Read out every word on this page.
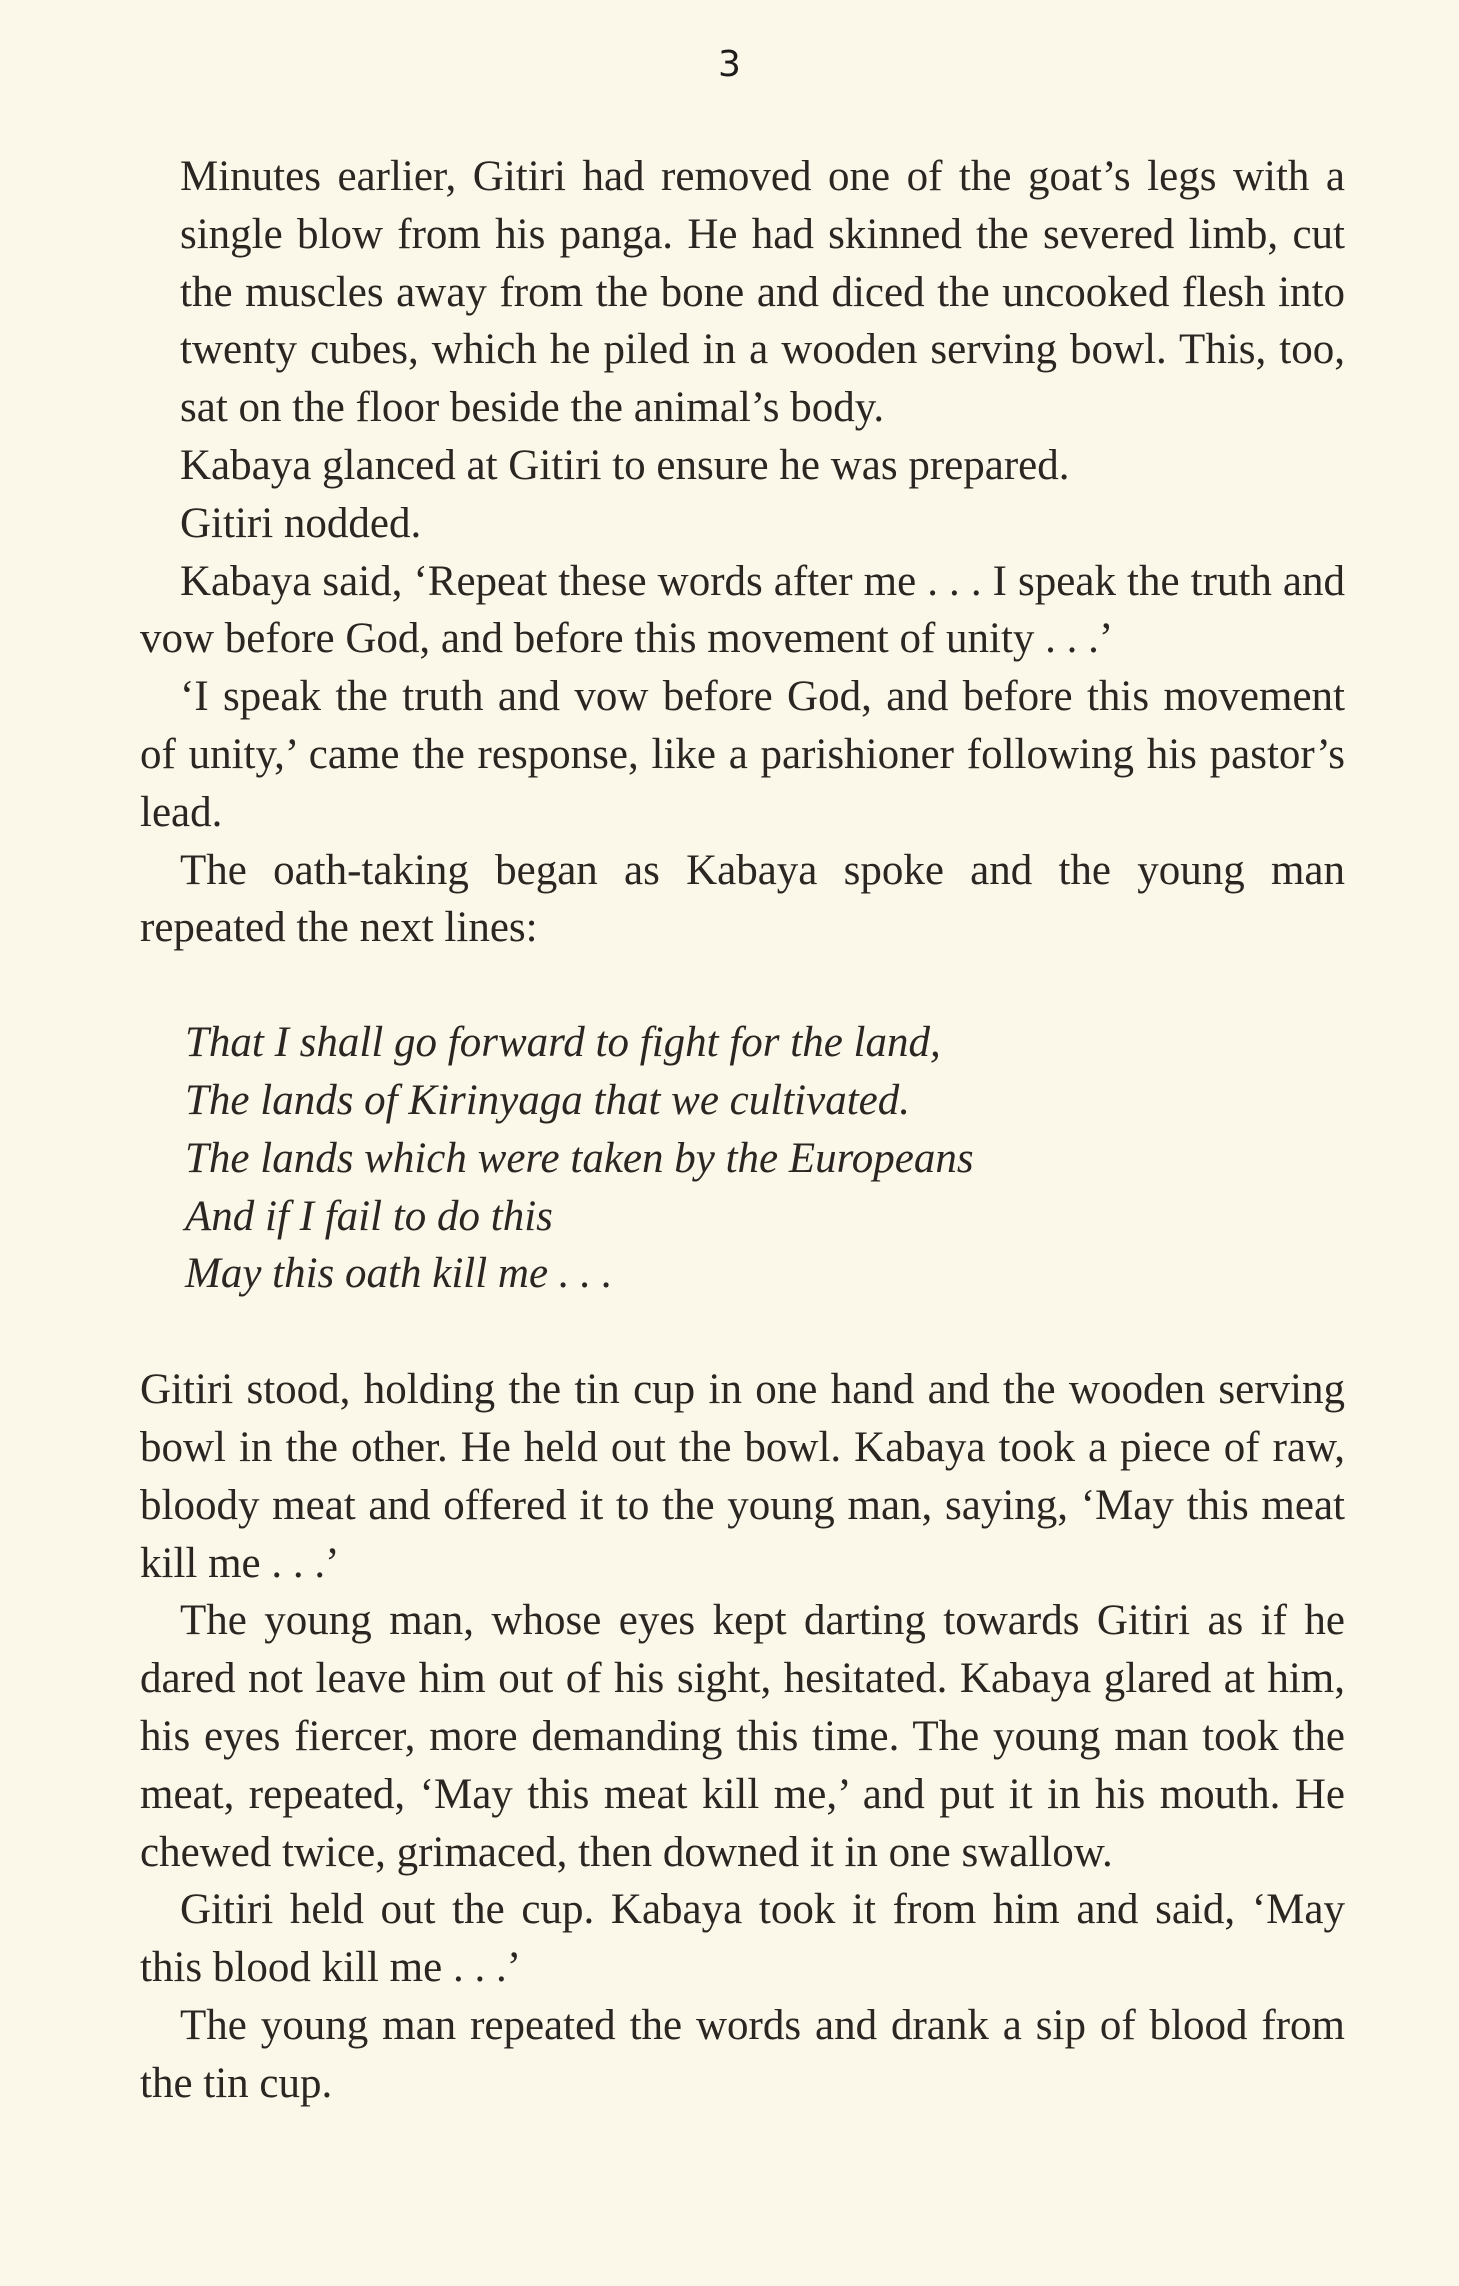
3

Minutes earlier, Gitiri had removed one of the goat’s legs with a single blow from his panga. He had skinned the severed limb, cut the muscles away from the bone and diced the uncooked flesh into twenty cubes, which he piled in a wooden serving bowl. This, too, sat on the floor beside the animal’s body.

Kabaya glanced at Gitiri to ensure he was prepared.

Gitiri nodded.

Kabaya said, ‘Repeat these words after me . . . I speak the truth and vow before God, and before this movement of unity . . .’

‘I speak the truth and vow before God, and before this movement of unity,’ came the response, like a parishioner following his pastor’s lead.

The oath-taking began as Kabaya spoke and the young man repeated the next lines:

That I shall go forward to fight for the land,
The lands of Kirinyaga that we cultivated.
The lands which were taken by the Europeans
And if I fail to do this
May this oath kill me . . .

Gitiri stood, holding the tin cup in one hand and the wooden serving bowl in the other. He held out the bowl. Kabaya took a piece of raw, bloody meat and offered it to the young man, saying, ‘May this meat kill me . . .’

The young man, whose eyes kept darting towards Gitiri as if he dared not leave him out of his sight, hesitated. Kabaya glared at him, his eyes fiercer, more demanding this time. The young man took the meat, repeated, ‘May this meat kill me,’ and put it in his mouth. He chewed twice, grimaced, then downed it in one swallow.

Gitiri held out the cup. Kabaya took it from him and said, ‘May this blood kill me . . .’

The young man repeated the words and drank a sip of blood from the tin cup.
